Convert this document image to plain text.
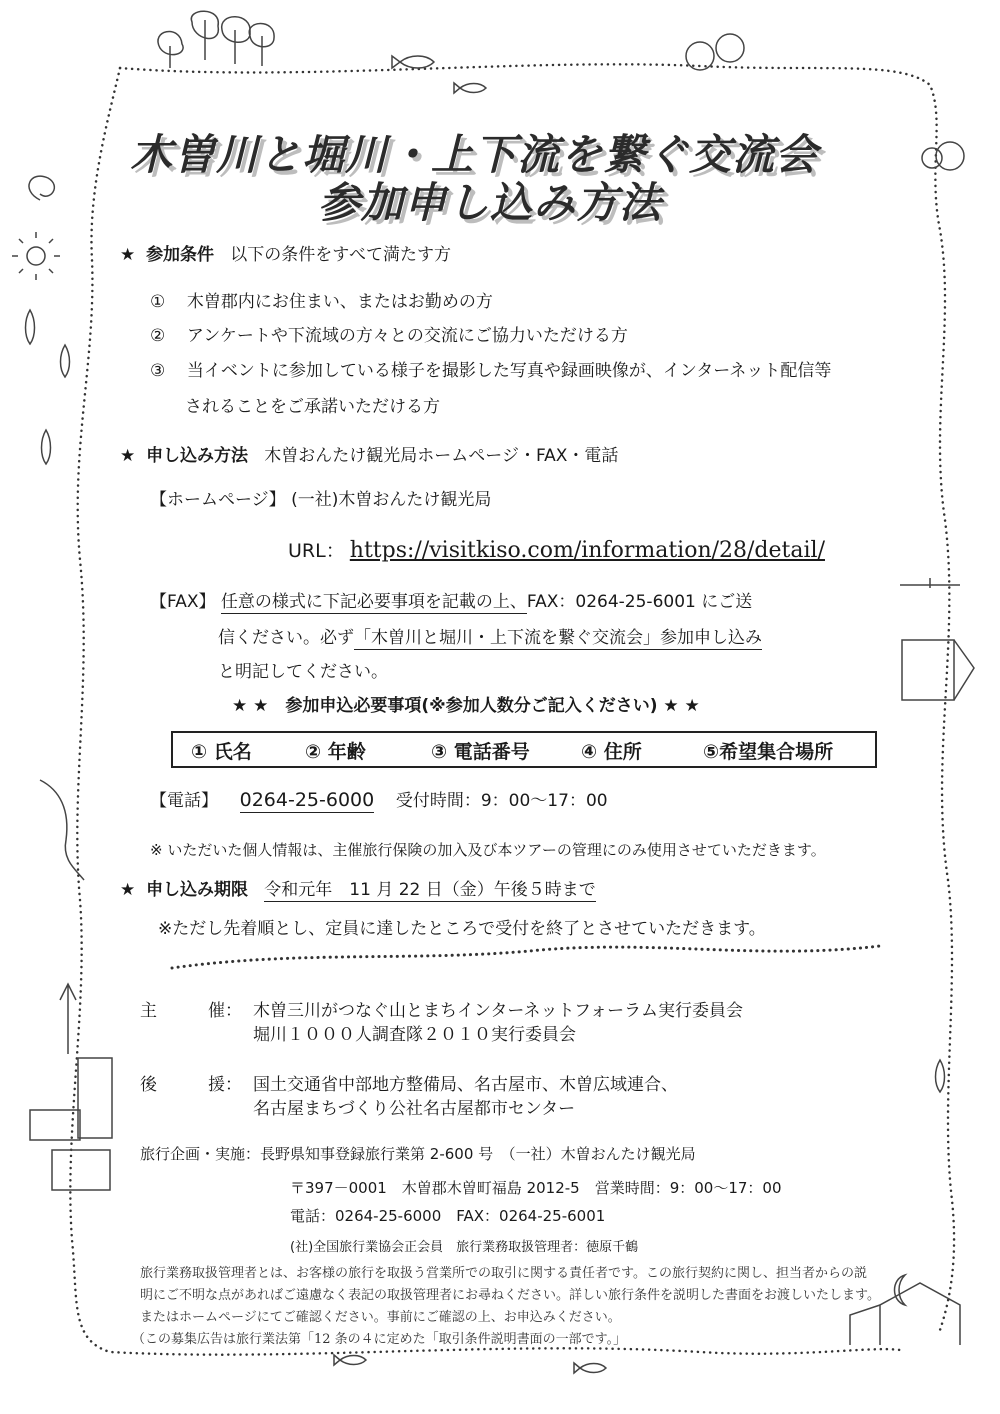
木曽川と堀川・上下流を繋ぐ交流会
参加申し込み方法
★ 参加条件 以下の条件をすべて満たす方
① 木曽郡内にお住まい、またはお勤めの方
② アンケートや下流域の方々との交流にご協力いただける方
③ 当イベントに参加している様子を撮影した写真や録画映像が、インターネット配信等
されることをご承諾いただける方
★ 申し込み方法 木曽おんたけ観光局ホームページ・FAX・電話
【ホームページ】 (一社)木曽おんたけ観光局
URL： https://visitkiso.com/information/28/detail/
【FAX】 任意の様式に下記必要事項を記載の上、FAX：0264-25-6001 にご送
信ください。必ず「木曽川と堀川・上下流を繋ぐ交流会」参加申し込み
と明記してください。
★ ★　参加申込必要事項(※参加人数分ご記入ください) ★ ★
① 氏名	② 年齢	③ 電話番号	④ 住所	⑤希望集合場所
【電話】 0264-25-6000 受付時間：9：00～17：00
※ いただいた個人情報は、主催旅行保険の加入及び本ツアーの管理にのみ使用させていただきます。
★ 申し込み期限 令和元年　11 月 22 日（金）午後５時まで
※ただし先着順とし、定員に達したところで受付を終了とさせていただきます。
主	催： 木曽三川がつなぐ山とまちインターネットフォーラム実行委員会
堀川１０００人調査隊２０１０実行委員会
後	援： 国土交通省中部地方整備局、名古屋市、木曽広域連合、
名古屋まちづくり公社名古屋都市センター
旅行企画・実施：長野県知事登録旅行業第 2-600 号　（一社）木曽おんたけ観光局
〒397－0001　木曽郡木曽町福島 2012-5　営業時間：9：00～17：00
電話：0264-25-6000　FAX：0264-25-6001
(社)全国旅行業協会正会員　旅行業務取扱管理者：徳原千鶴
旅行業務取扱管理者とは、お客様の旅行を取扱う営業所での取引に関する責任者です。この旅行契約に関し、担当者からの説
明にご不明な点があればご遠慮なく表記の取扱管理者にお尋ねください。詳しい旅行条件を説明した書面をお渡しいたします。
またはホームページにてご確認ください。事前にご確認の上、お申込みください。
（この募集広告は旅行業法第「12 条の４に定めた「取引条件説明書面の一部です。」
